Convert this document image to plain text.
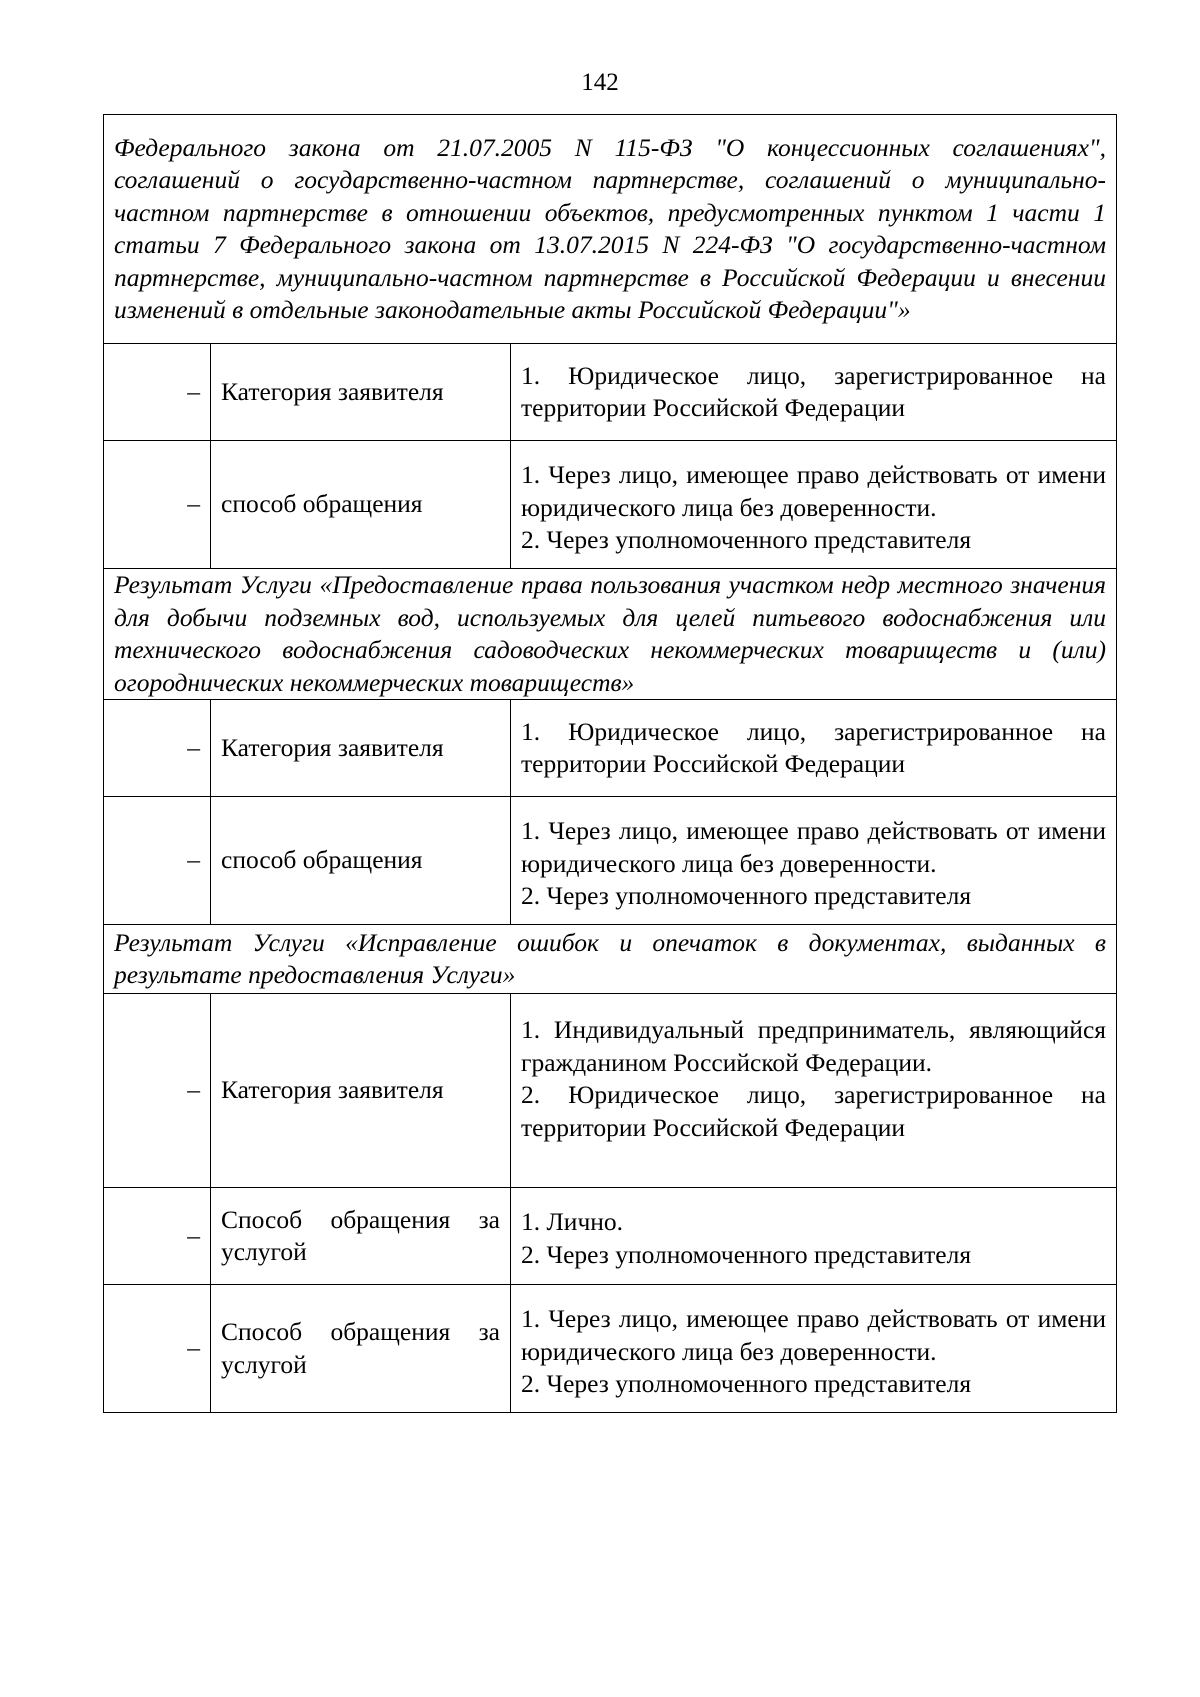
142
Федерального закона от 21.07.2005 N 115-ФЗ "О концессионных соглашениях", соглашений о государственно-частном партнерстве, соглашений о муниципально-частном партнерстве в отношении объектов, предусмотренных пунктом 1 части 1 статьи 7 Федерального закона от 13.07.2015 N 224-ФЗ "О государственно-частном партнерстве, муниципально-частном партнерстве в Российской Федерации и внесении изменений в отдельные законодательные акты Российской Федерации"»		
–	Категория заявителя	1. Юридическое лицо, зарегистрированное на территории Российской Федерации

–	способ обращения	1. Через лицо, имеющее право действовать от имени юридического лица без доверенности.
2. Через уполномоченного представителя

Результат Услуги «Предоставление права пользования участком недр местного значения для добычи подземных вод, используемых для целей питьевого водоснабжения или технического водоснабжения садоводческих некоммерческих товариществ и (или) огороднических некоммерческих товариществ»		
–	Категория заявителя	1. Юридическое лицо, зарегистрированное на территории Российской Федерации

–	способ обращения	1. Через лицо, имеющее право действовать от имени юридического лица без доверенности.
2. Через уполномоченного представителя

Результат Услуги «Исправление ошибок и опечаток в документах, выданных в результате предоставления Услуги»		
–	Категория заявителя	1. Индивидуальный предприниматель, являющийся гражданином Российской Федерации.
2. Юридическое лицо, зарегистрированное на территории Российской Федерации

–	Способ обращения за услугой	1. Лично.
2. Через уполномоченного представителя

–	Способ обращения за услугой	1. Через лицо, имеющее право действовать от имени юридического лица без доверенности.
2. Через уполномоченного представителя
